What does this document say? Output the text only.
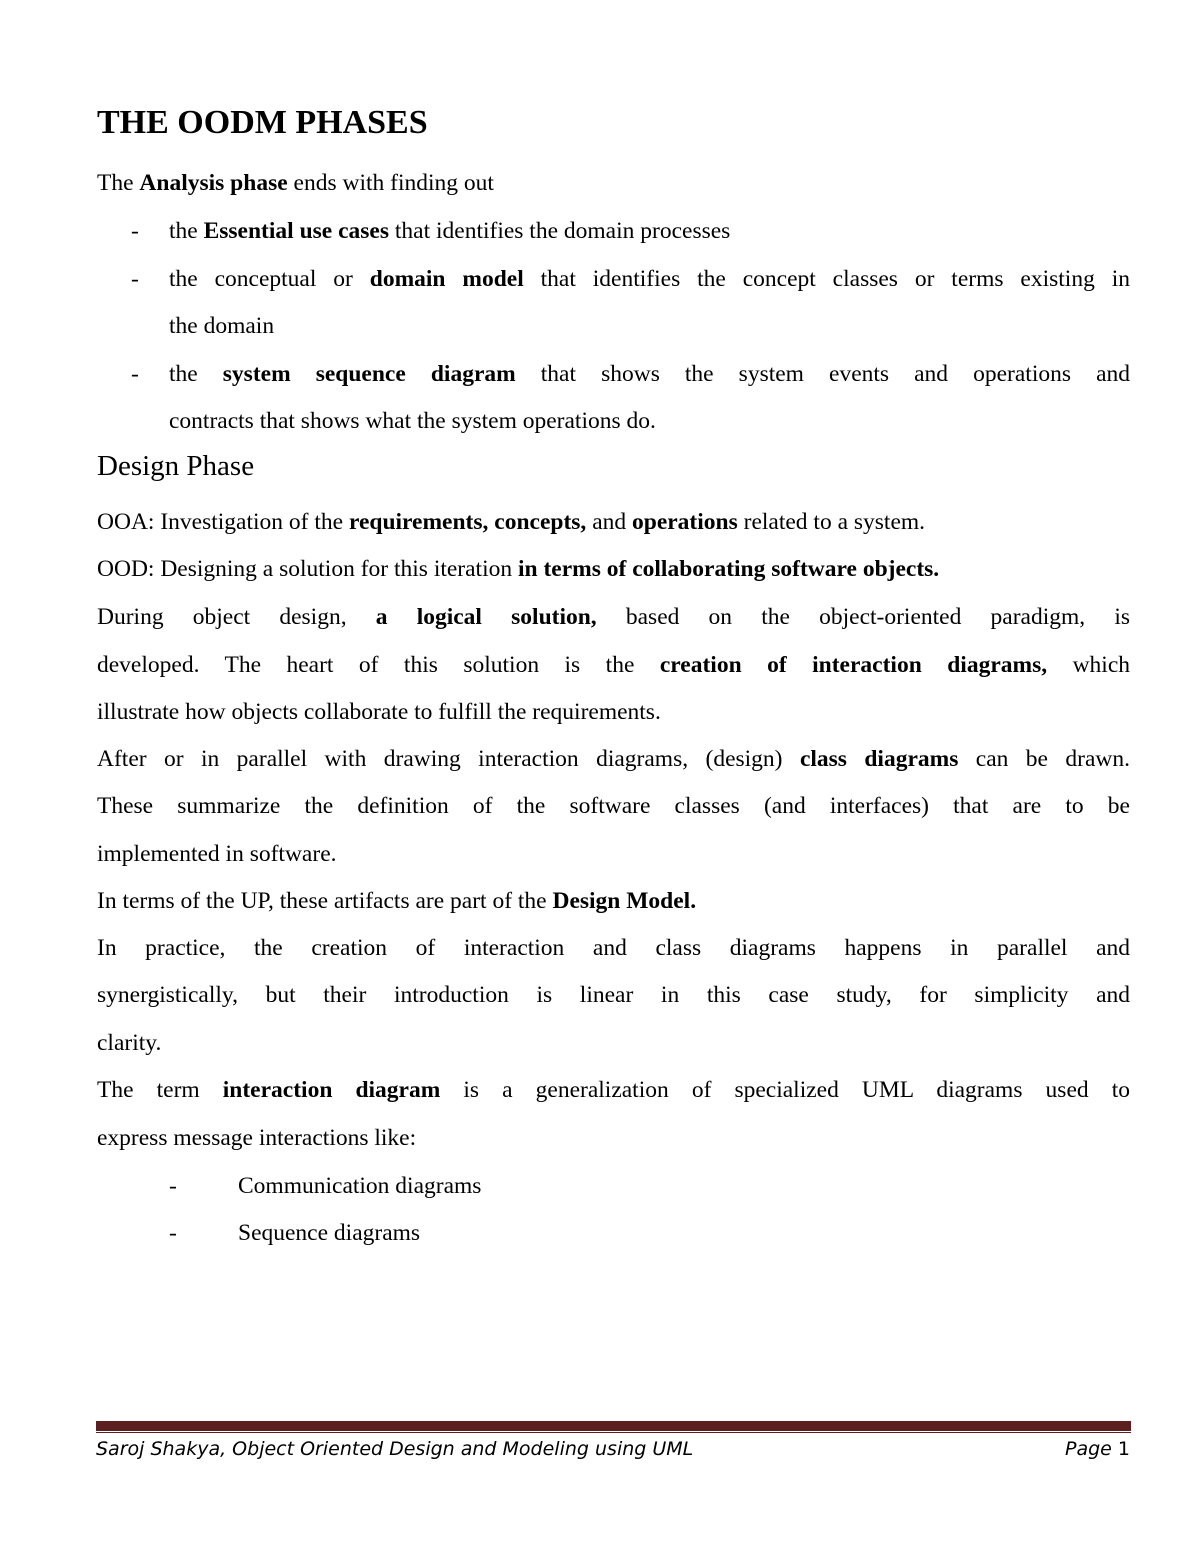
THE OODM PHASES
The Analysis phase ends with finding out
- the Essential use cases that identifies the domain processes
- the conceptual or domain model that identifies the concept classes or terms existing in
the domain
- the system sequence diagram that shows the system events and operations and
contracts that shows what the system operations do.
Design Phase
OOA: Investigation of the requirements, concepts, and operations related to a system.
OOD: Designing a solution for this iteration in terms of collaborating software objects.
During object design, a logical solution, based on the object-oriented paradigm, is
developed. The heart of this solution is the creation of interaction diagrams, which
illustrate how objects collaborate to fulfill the requirements.
After or in parallel with drawing interaction diagrams, (design) class diagrams can be drawn.
These summarize the definition of the software classes (and interfaces) that are to be
implemented in software.
In terms of the UP, these artifacts are part of the Design Model.
In practice, the creation of interaction and class diagrams happens in parallel and
synergistically, but their introduction is linear in this case study, for simplicity and
clarity.
The term interaction diagram is a generalization of specialized UML diagrams used to
express message interactions like:
-	Communication diagrams
-	Sequence diagrams
Saroj Shakya, Object Oriented Design and Modeling using UML	Page 1
